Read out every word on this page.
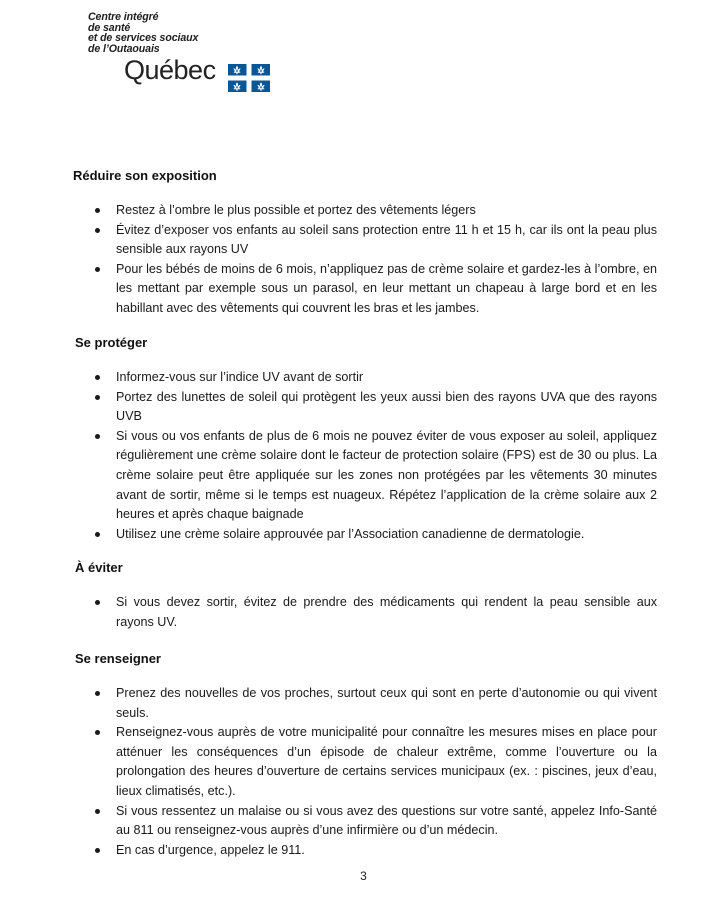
Centre intégré
de santé
et de services sociaux
de l’Outaouais
Québec
Réduire son exposition
Restez à l’ombre le plus possible et portez des vêtements légers
Évitez d’exposer vos enfants au soleil sans protection entre 11 h et 15 h, car ils ont la peau plus sensible aux rayons UV
Pour les bébés de moins de 6 mois, n’appliquez pas de crème solaire et gardez-les à l’ombre, en les mettant par exemple sous un parasol, en leur mettant un chapeau à large bord et en les habillant avec des vêtements qui couvrent les bras et les jambes.
Se protéger
Informez-vous sur l’indice UV avant de sortir
Portez des lunettes de soleil qui protègent les yeux aussi bien des rayons UVA que des rayons UVB
Si vous ou vos enfants de plus de 6 mois ne pouvez éviter de vous exposer au soleil, appliquez régulièrement une crème solaire dont le facteur de protection solaire (FPS) est de 30 ou plus. La crème solaire peut être appliquée sur les zones non protégées par les vêtements 30 minutes avant de sortir, même si le temps est nuageux. Répétez l’application de la crème solaire aux 2 heures et après chaque baignade
Utilisez une crème solaire approuvée par l’Association canadienne de dermatologie.
À éviter
Si vous devez sortir, évitez de prendre des médicaments qui rendent la peau sensible aux rayons UV.
Se renseigner
Prenez des nouvelles de vos proches, surtout ceux qui sont en perte d’autonomie ou qui vivent seuls.
Renseignez-vous auprès de votre municipalité pour connaître les mesures mises en place pour atténuer les conséquences d’un épisode de chaleur extrême, comme l’ouverture ou la prolongation des heures d’ouverture de certains services municipaux (ex. : piscines, jeux d’eau, lieux climatisés, etc.).
Si vous ressentez un malaise ou si vous avez des questions sur votre santé, appelez Info-Santé au 811 ou renseignez-vous auprès d’une infirmière ou d’un médecin.
En cas d’urgence, appelez le 911.
3
